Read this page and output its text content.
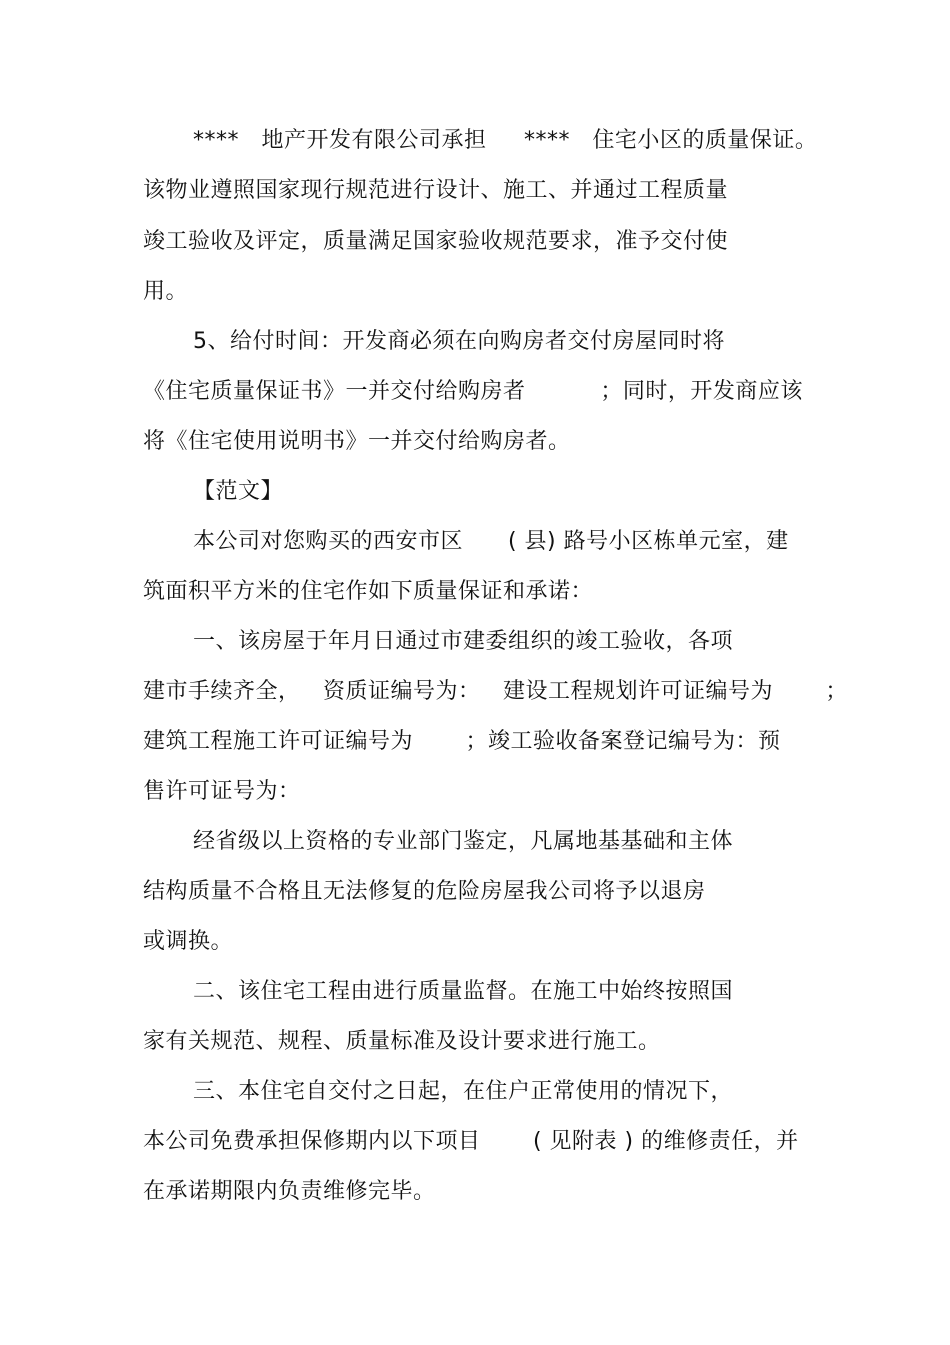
****   地产开发有限公司承担     ****   住宅小区的质量保证。
该物业遵照国家现行规范进行设计、施工、并通过工程质量
竣工验收及评定，质量满足国家验收规范要求，准予交付使
用。
5、给付时间：开发商必须在向购房者交付房屋同时将
《住宅质量保证书》一并交付给购房者          ；同时，开发商应该
将《住宅使用说明书》一并交付给购房者。
【范文】
本公司对您购买的西安市区      ( 县) 路号小区栋单元室，建
筑面积平方米的住宅作如下质量保证和承诺：
一、该房屋于年月日通过市建委组织的竣工验收，各项
建市手续齐全，   资质证编号为：   建设工程规划许可证编号为       ；
建筑工程施工许可证编号为       ；竣工验收备案登记编号为：预
售许可证号为：
经省级以上资格的专业部门鉴定，凡属地基基础和主体
结构质量不合格且无法修复的危险房屋我公司将予以退房
或调换。
二、该住宅工程由进行质量监督。在施工中始终按照国
家有关规范、规程、质量标准及设计要求进行施工。
三、本住宅自交付之日起，在住户正常使用的情况下，
本公司免费承担保修期内以下项目       ( 见附表 ) 的维修责任，并
在承诺期限内负责维修完毕。
